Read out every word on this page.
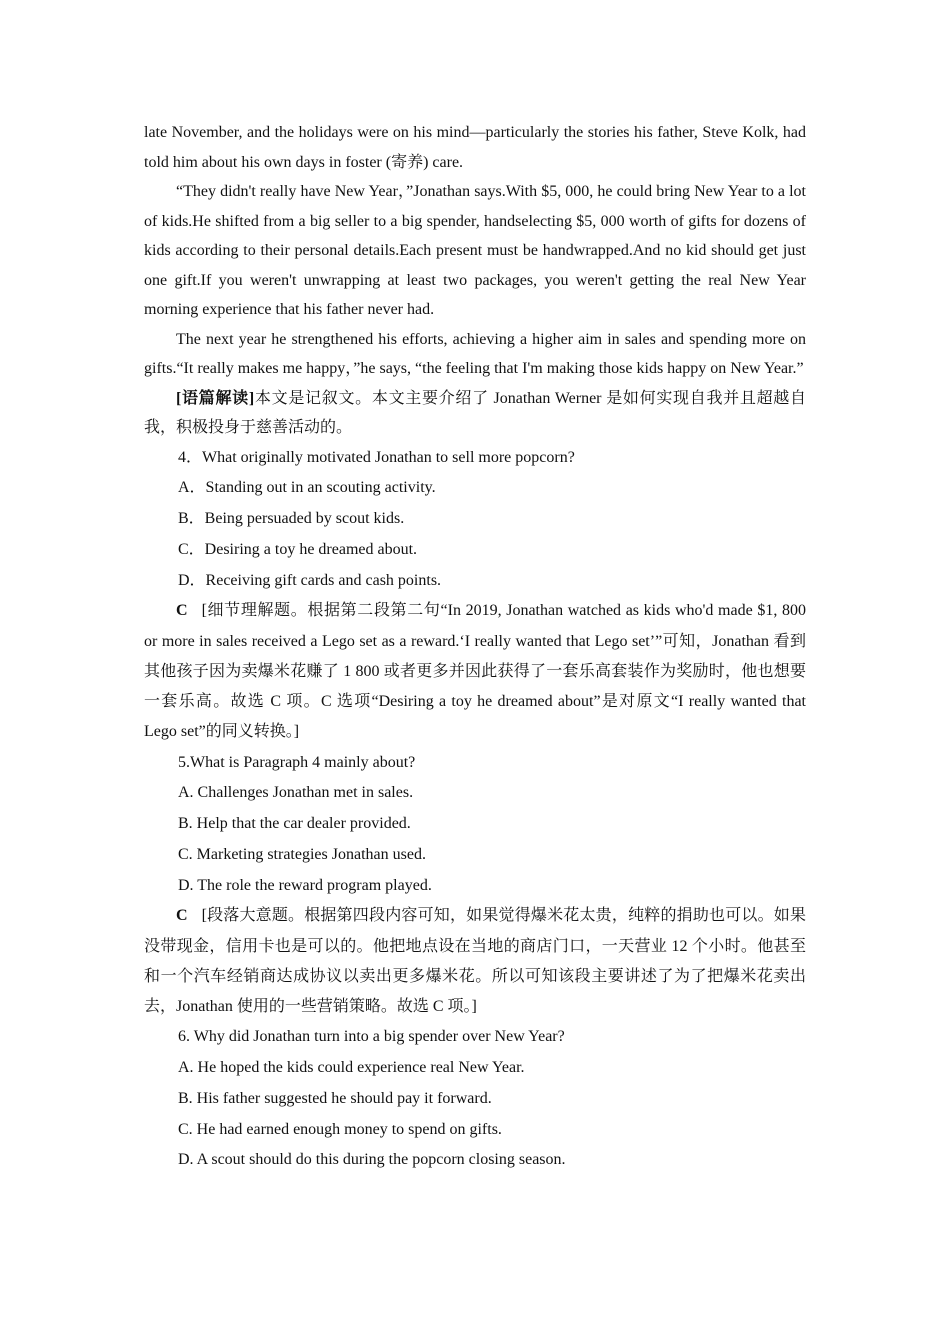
late November, and the holidays were on his mind—particularly the stories his father, Steve Kolk, had told him about his own days in foster (寄养) care.

“They didn't really have New Year，”Jonathan says.With $5, 000, he could bring New Year to a lot of kids.He shifted from a big seller to a big spender, handselecting $5, 000 worth of gifts for dozens of kids according to their personal details.Each present must be handwrapped.And no kid should get just one gift.If you weren't unwrapping at least two packages, you weren't getting the real New Year morning experience that his father never had.

The next year he strengthened his efforts, achieving a higher aim in sales and spending more on gifts.“It really makes me happy，”he says, “the feeling that I'm making those kids happy on New Year.”

[语篇解读]本文是记叙文。本文主要介绍了 Jonathan Werner 是如何实现自我并且超越自我，积极投身于慈善活动的。

4．What originally motivated Jonathan to sell more popcorn?

A．Standing out in an scouting activity.

B．Being persuaded by scout kids.

C．Desiring a toy he dreamed about.

D．Receiving gift cards and cash points.

C [细节理解题。根据第二段第二句“In 2019, Jonathan watched as kids who'd made $1, 800 or more in sales received a Lego set as a reward.‘I really wanted that Lego set’”可知，Jonathan 看到其他孩子因为卖爆米花赚了 1 800 或者更多并因此获得了一套乐高套装作为奖励时，他也想要一套乐高。故选 C 项。C 选项“Desiring a toy he dreamed about”是对原文“I really wanted that Lego set”的同义转换。]

5.What is Paragraph 4 mainly about?

A. Challenges Jonathan met in sales.

B. Help that the car dealer provided.

C. Marketing strategies Jonathan used.

D. The role the reward program played.

C [段落大意题。根据第四段内容可知，如果觉得爆米花太贵，纯粹的捐助也可以。如果没带现金，信用卡也是可以的。他把地点设在当地的商店门口，一天营业 12 个小时。他甚至和一个汽车经销商达成协议以卖出更多爆米花。所以可知该段主要讲述了为了把爆米花卖出去，Jonathan 使用的一些营销策略。故选 C 项。]

6. Why did Jonathan turn into a big spender over New Year?

A. He hoped the kids could experience real New Year.

B. His father suggested he should pay it forward.

C. He had earned enough money to spend on gifts.

D. A scout should do this during the popcorn closing season.
